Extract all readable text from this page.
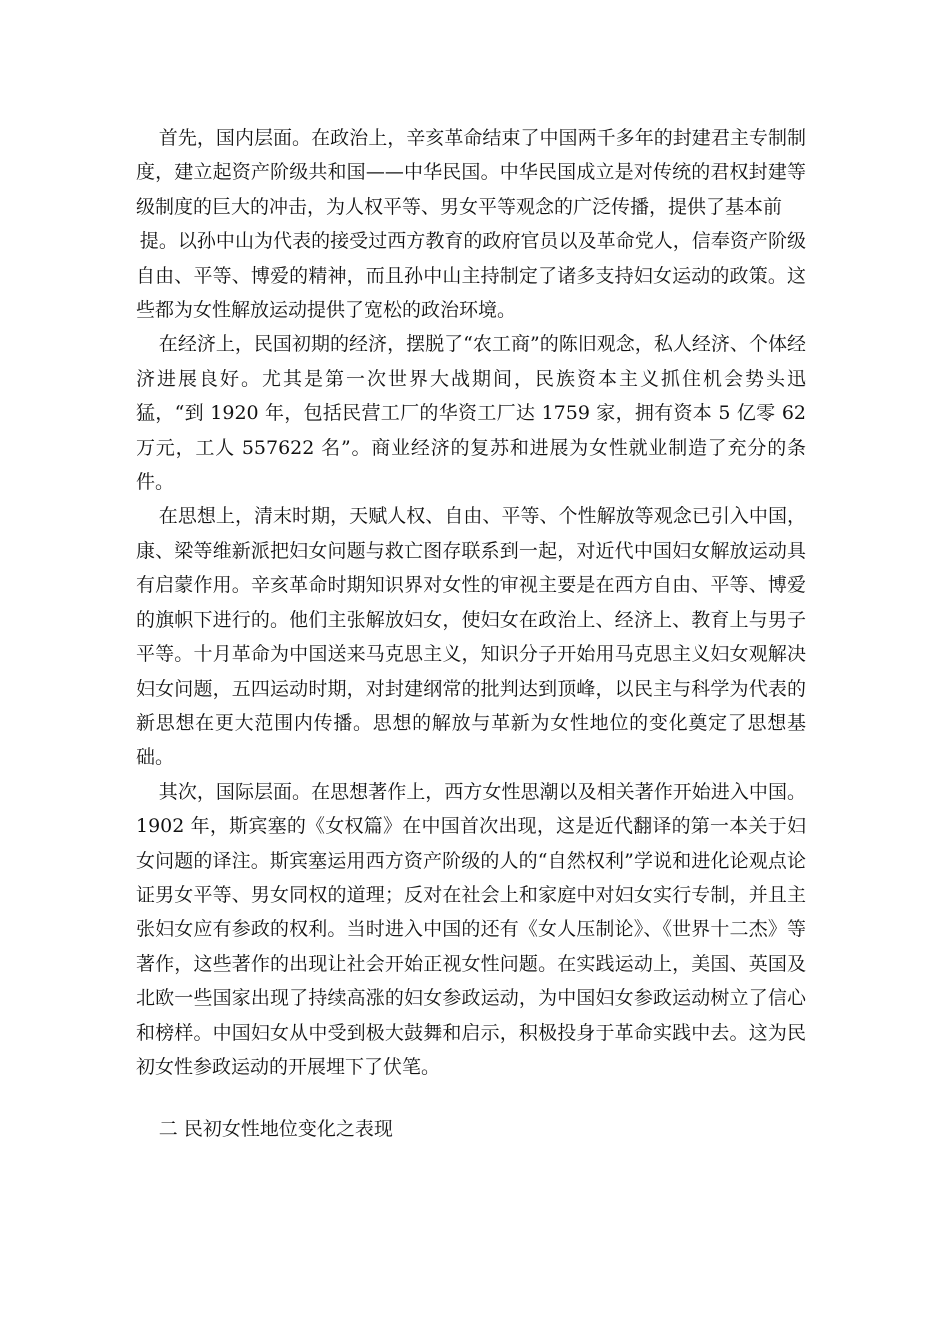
首先，国内层面。在政治上，辛亥革命结束了中国两千多年的封建君主专制制度，建立起资产阶级共和国——中华民国。中华民国成立是对传统的君权封建等级制度的巨大的冲击，为人权平等、男女平等观念的广泛传播，提供了基本前

提。以孙中山为代表的接受过西方教育的政府官员以及革命党人，信奉资产阶级自由、平等、博爱的精神，而且孙中山主持制定了诸多支持妇女运动的政策。这些都为女性解放运动提供了宽松的政治环境。

在经济上，民国初期的经济，摆脱了“农工商”的陈旧观念，私人经济、个体经济进展良好。尤其是第一次世界大战期间，民族资本主义抓住机会势头迅猛，“到 1920 年，包括民营工厂的华资工厂达 1759 家，拥有资本 5 亿零 62 万元，工人 557622 名”。商业经济的复苏和进展为女性就业制造了充分的条件。

在思想上，清末时期，天赋人权、自由、平等、个性解放等观念已引入中国，康、梁等维新派把妇女问题与救亡图存联系到一起，对近代中国妇女解放运动具有启蒙作用。辛亥革命时期知识界对女性的审视主要是在西方自由、平等、博爱的旗帜下进行的。他们主张解放妇女，使妇女在政治上、经济上、教育上与男子平等。十月革命为中国送来马克思主义，知识分子开始用马克思主义妇女观解决妇女问题，五四运动时期，对封建纲常的批判达到顶峰，以民主与科学为代表的新思想在更大范围内传播。思想的解放与革新为女性地位的变化奠定了思想基础。

其次，国际层面。在思想著作上，西方女性思潮以及相关著作开始进入中国。1902 年，斯宾塞的《女权篇》在中国首次出现，这是近代翻译的第一本关于妇女问题的译注。斯宾塞运用西方资产阶级的人的“自然权利”学说和进化论观点论证男女平等、男女同权的道理；反对在社会上和家庭中对妇女实行专制，并且主张妇女应有参政的权利。当时进入中国的还有《女人压制论》、《世界十二杰》等著作，这些著作的出现让社会开始正视女性问题。在实践运动上，美国、英国及北欧一些国家出现了持续高涨的妇女参政运动，为中国妇女参政运动树立了信心和榜样。中国妇女从中受到极大鼓舞和启示，积极投身于革命实践中去。这为民初女性参政运动的开展埋下了伏笔。

二 民初女性地位变化之表现
